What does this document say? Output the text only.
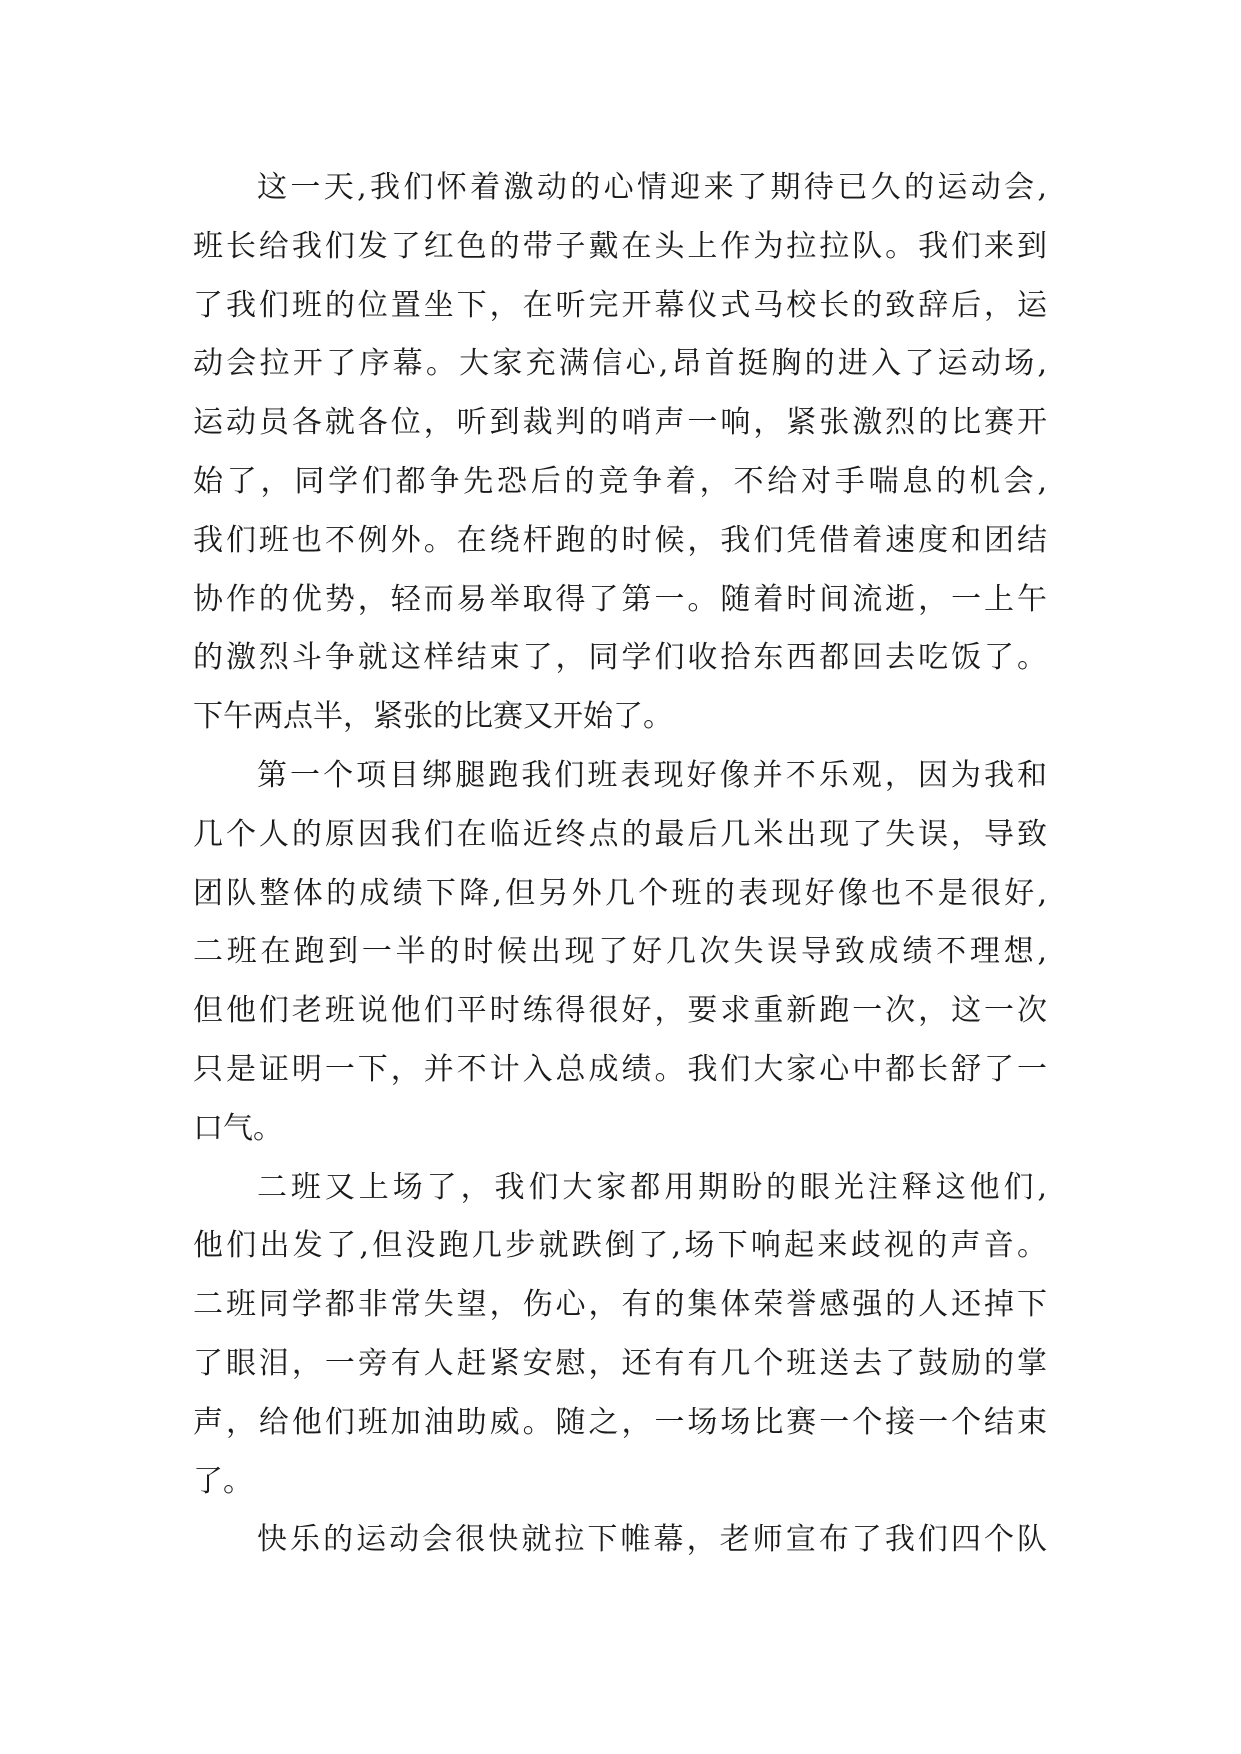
这一天,我们怀着激动的心情迎来了期待已久的运动会,
班长给我们发了红色的带子戴在头上作为拉拉队。我们来到
了我们班的位置坐下，在听完开幕仪式马校长的致辞后，运
动会拉开了序幕。大家充满信心,昂首挺胸的进入了运动场,
运动员各就各位，听到裁判的哨声一响，紧张激烈的比赛开
始了，同学们都争先恐后的竞争着，不给对手喘息的机会,
我们班也不例外。在绕杆跑的时候，我们凭借着速度和团结
协作的优势，轻而易举取得了第一。随着时间流逝，一上午
的激烈斗争就这样结束了，同学们收拾东西都回去吃饭了。
下午两点半，紧张的比赛又开始了。
第一个项目绑腿跑我们班表现好像并不乐观，因为我和
几个人的原因我们在临近终点的最后几米出现了失误，导致
团队整体的成绩下降,但另外几个班的表现好像也不是很好,
二班在跑到一半的时候出现了好几次失误导致成绩不理想,
但他们老班说他们平时练得很好，要求重新跑一次，这一次
只是证明一下，并不计入总成绩。我们大家心中都长舒了一
口气。
二班又上场了，我们大家都用期盼的眼光注释这他们,
他们出发了,但没跑几步就跌倒了,场下响起来歧视的声音。
二班同学都非常失望，伤心，有的集体荣誉感强的人还掉下
了眼泪，一旁有人赶紧安慰，还有有几个班送去了鼓励的掌
声，给他们班加油助威。随之，一场场比赛一个接一个结束
了。
快乐的运动会很快就拉下帷幕，老师宣布了我们四个队
